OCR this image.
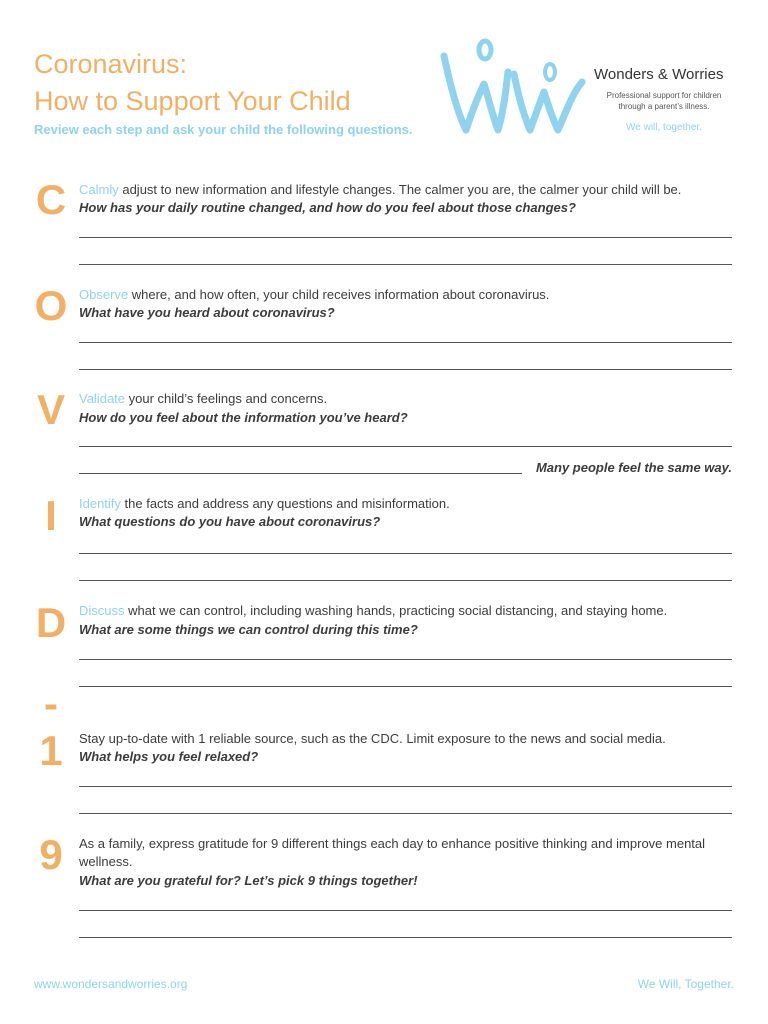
Coronavirus:
How to Support Your Child
Review each step and ask your child the following questions.
Wonders & Worries
Professional support for children
through a parent’s illness.
We will, together.
C Calmly adjust to new information and lifestyle changes. The calmer you are, the calmer your child will be.
How has your daily routine changed, and how do you feel about those changes?
O Observe where, and how often, your child receives information about coronavirus.
What have you heard about coronavirus?
V Validate your child’s feelings and concerns.
How do you feel about the information you’ve heard?
Many people feel the same way.
I	Identify the facts and address any questions and misinformation.
What questions do you have about coronavirus?
D Discuss what we can control, including washing hands, practicing social distancing, and staying home.
What are some things we can control during this time?
-
1	Stay up-to-date with 1 reliable source, such as the CDC. Limit exposure to the news and social media.
What helps you feel relaxed?
9	As a family, express gratitude for 9 different things each day to enhance positive thinking and improve mental wellness.
What are you grateful for? Let’s pick 9 things together!
www.wondersandworries.org	We Will, Together.
